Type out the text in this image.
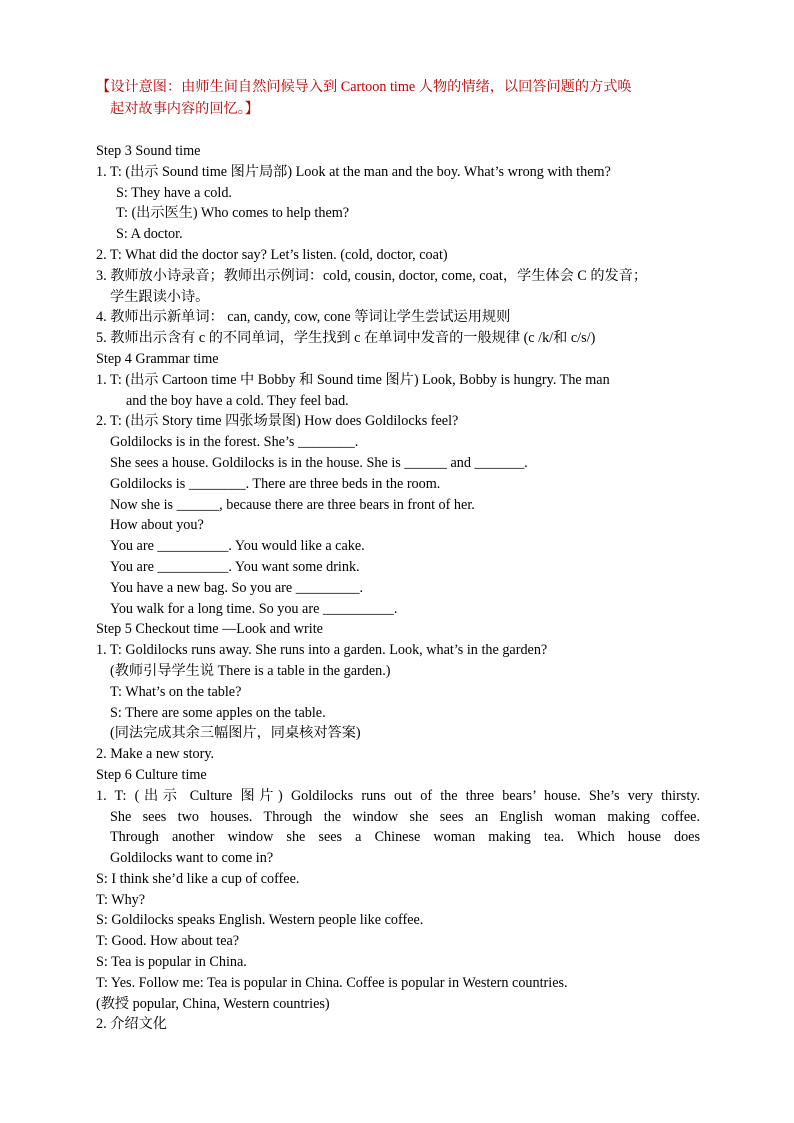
【设计意图：由师生间自然问候导入到 Cartoon time 人物的情绪，以回答问题的方式唤
起对故事内容的回忆。】

Step 3 Sound time

1. T: (出示 Sound time 图片局部) Look at the man and the boy. What’s wrong with them?

S: They have a cold.

T: (出示医生) Who comes to help them?

S: A doctor.

2. T: What did the doctor say? Let’s listen. (cold, doctor, coat)

3. 教师放小诗录音；教师出示例词：cold, cousin, doctor, come, coat，学生体会 C 的发音；

学生跟读小诗。

4. 教师出示新单词： can, candy, cow, cone 等词让学生尝试运用规则

5. 教师出示含有 c 的不同单词，学生找到 c 在单词中发音的一般规律 (c /k/和 c/s/)

Step 4 Grammar time

1. T: (出示 Cartoon time 中 Bobby 和 Sound time 图片) Look, Bobby is hungry. The man

and the boy have a cold. They feel bad.

2. T: (出示 Story time 四张场景图) How does Goldilocks feel?

Goldilocks is in the forest. She’s ________.

She sees a house. Goldilocks is in the house. She is ______ and _______.

Goldilocks is ________. There are three beds in the room.

Now she is ______, because there are three bears in front of her.

How about you?

You are __________. You would like a cake.

You are __________. You want some drink.

You have a new bag. So you are _________.

You walk for a long time. So you are __________.

Step 5 Checkout time —Look and write

1. T: Goldilocks runs away. She runs into a garden. Look, what’s in the garden?

(教师引导学生说 There is a table in the garden.)

T: What’s on the table?

S: There are some apples on the table.

(同法完成其余三幅图片，同桌核对答案)

2. Make a new story.

Step 6 Culture time

1. T: (出示 Culture 图片) Goldilocks runs out of the three bears’ house. She’s very thirsty.

She sees two houses. Through the window she sees an English woman making coffee.

Through another window she sees a Chinese woman making tea. Which house does

Goldilocks want to come in?

S: I think she’d like a cup of coffee.

T: Why?

S: Goldilocks speaks English. Western people like coffee.

T: Good. How about tea?

S: Tea is popular in China.

T: Yes. Follow me: Tea is popular in China. Coffee is popular in Western countries.

(教授 popular, China, Western countries)

2. 介绍文化
